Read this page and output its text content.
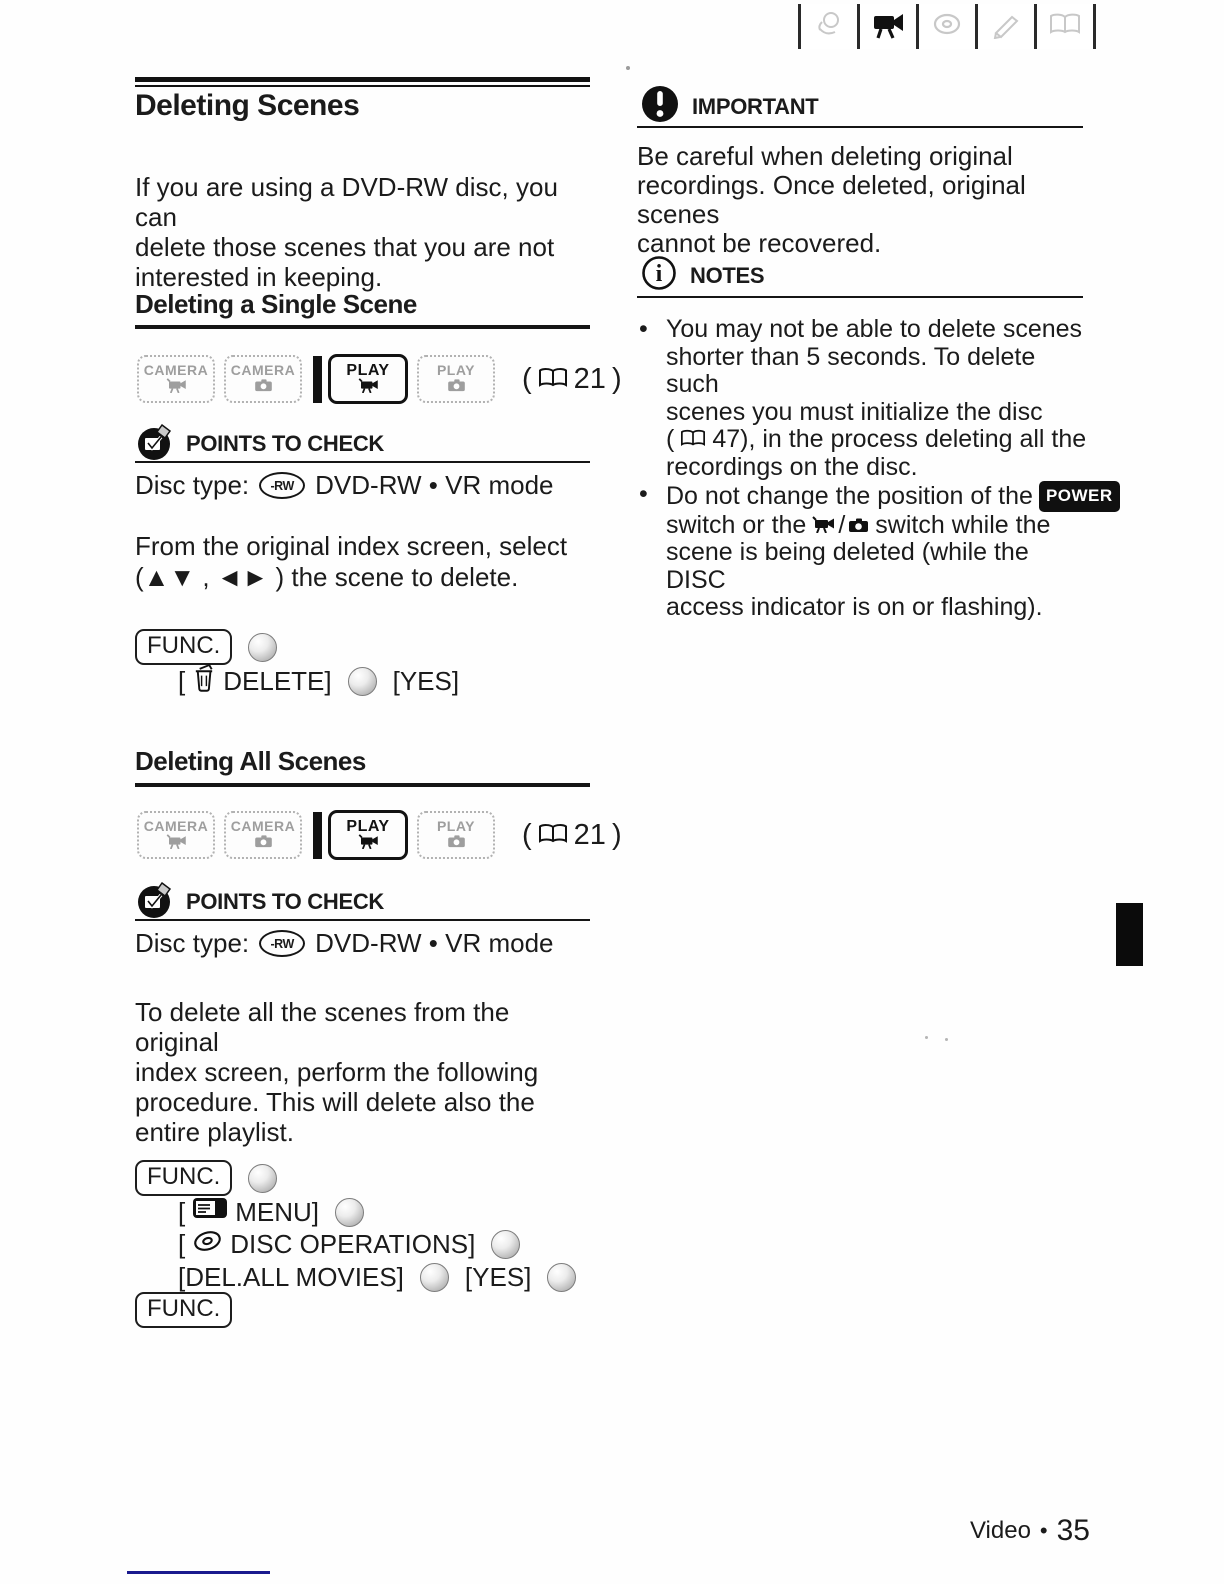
Deleting Scenes
If you are using a DVD-RW disc, you can
delete those scenes that you are not
interested in keeping.
Deleting a Single Scene
CAMERA CAMERA	PLAY	PLAY ( 21 )
POINTS TO CHECK
Disc type:	-RW DVD-RW • VR mode
From the original index screen, select
(▲▼ , ◄► ) the scene to delete.
FUNC.
[ DELETE] [YES]
Deleting All Scenes
CAMERA CAMERA	PLAY	PLAY ( 21 )
POINTS TO CHECK
Disc type:	-RW DVD-RW • VR mode
To delete all the scenes from the original
index screen, perform the following
procedure. This will delete also the
entire playlist.
FUNC.
[ MENU]
[ DISC OPERATIONS]
[DEL.ALL MOVIES] [YES]
FUNC.
IMPORTANT
Be careful when deleting original
recordings. Once deleted, original scenes
cannot be recovered.
i NOTES
• You may not be able to delete scenes
shorter than 5 seconds. To delete such
scenes you must initialize the disc
( 47), in the process deleting all the
recordings on the disc.
• Do not change the position of the POWER
switch or the / switch while the
scene is being deleted (while the DISC
access indicator is on or flashing).
Video • 35
